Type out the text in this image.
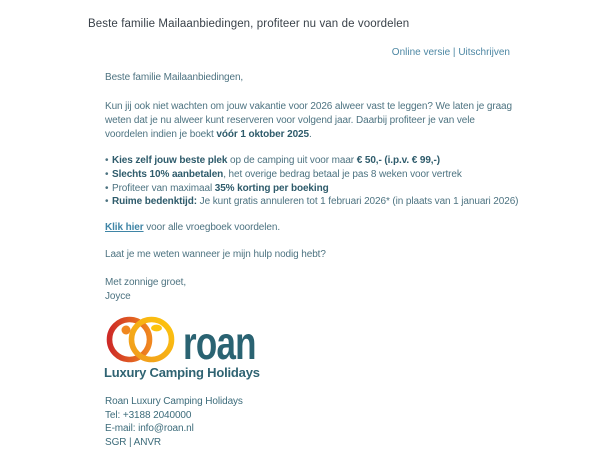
Beste familie Mailaanbiedingen, profiteer nu van de voordelen
Online versie | Uitschrijven
Beste familie Mailaanbiedingen,
Kun jij ook niet wachten om jouw vakantie voor 2026 alweer vast te leggen? We laten je graag
weten dat je nu alweer kunt reserveren voor volgend jaar. Daarbij profiteer je van vele
voordelen indien je boekt vóór 1 oktober 2025.
• Kies zelf jouw beste plek op de camping uit voor maar € 50,- (i.p.v. € 99,-)
• Slechts 10% aanbetalen, het overige bedrag betaal je pas 8 weken voor vertrek
• Profiteer van maximaal 35% korting per boeking
• Ruime bedenktijd: Je kunt gratis annuleren tot 1 februari 2026* (in plaats van 1 januari 2026)
Klik hier voor alle vroegboek voordelen.
Laat je me weten wanneer je mijn hulp nodig hebt?
Met zonnige groet,
Joyce
roan
Luxury Camping Holidays
Roan Luxury Camping Holidays
Tel: +3188 2040000
E-mail: info@roan.nl
SGR | ANVR
